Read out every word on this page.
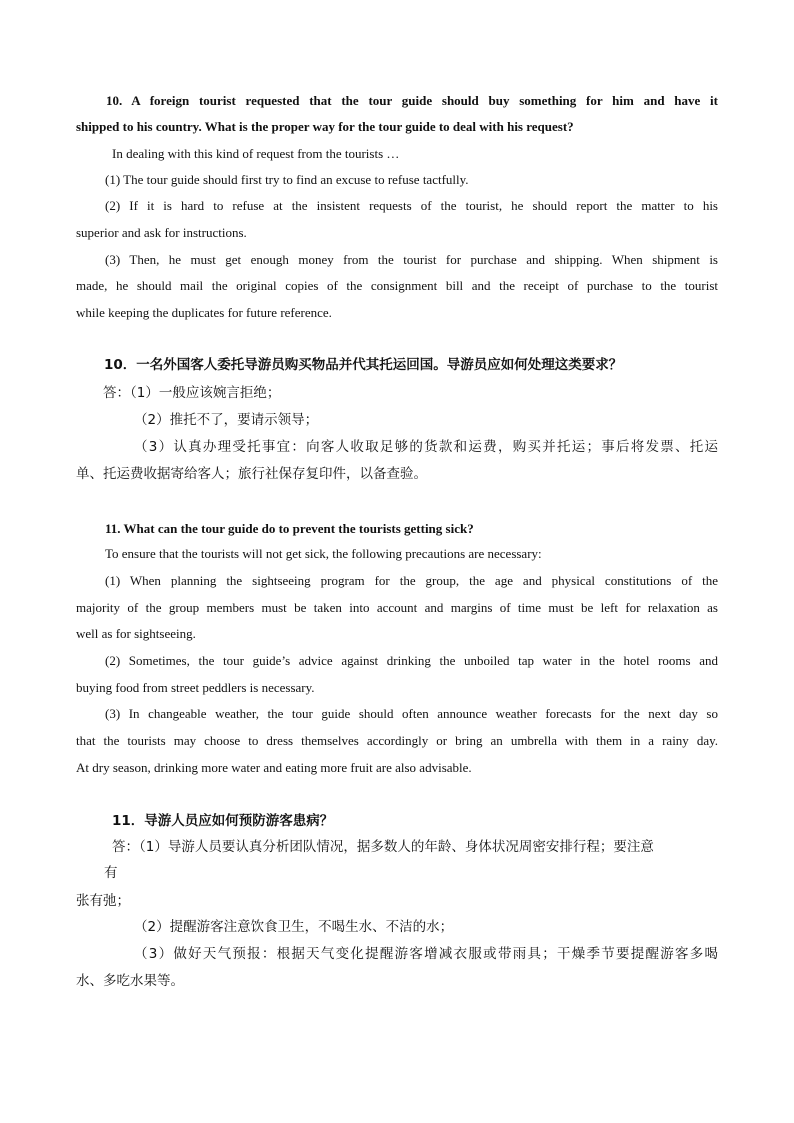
10. A foreign tourist requested that the tour guide should buy something for him and have it
shipped to his country. What is the proper way for the tour guide to deal with his request?
In dealing with this kind of request from the tourists …
(1) The tour guide should first try to find an excuse to refuse tactfully.
(2) If it is hard to refuse at the insistent requests of the tourist, he should report the matter to his
superior and ask for instructions.
(3) Then, he must get enough money from the tourist for purchase and shipping. When shipment is
made, he should mail the original copies of the consignment bill and the receipt of purchase to the tourist
while keeping the duplicates for future reference.
10．一名外国客人委托导游员购买物品并代其托运回国。导游员应如何处理这类要求？
答：（1）一般应该婉言拒绝；
（2）推托不了，要请示领导；
（3）认真办理受托事宜：向客人收取足够的货款和运费，购买并托运；事后将发票、托运
单、托运费收据寄给客人；旅行社保存复印件，以备查验。
11. What can the tour guide do to prevent the tourists getting sick?
To ensure that the tourists will not get sick, the following precautions are necessary:
(1) When planning the sightseeing program for the group, the age and physical constitutions of the
majority of the group members must be taken into account and margins of time must be left for relaxation as
well as for sightseeing.
(2) Sometimes, the tour guide’s advice against drinking the unboiled tap water in the hotel rooms and
buying food from street peddlers is necessary.
(3) In changeable weather, the tour guide should often announce weather forecasts for the next day so
that the tourists may choose to dress themselves accordingly or bring an umbrella with them in a rainy day.
At dry season, drinking more water and eating more fruit are also advisable.
11．导游人员应如何预防游客患病？
答：（1）导游人员要认真分析团队情况，据多数人的年龄、身体状况周密安排行程；要注意
有
张有弛；
（2）提醒游客注意饮食卫生，不喝生水、不洁的水；
（3）做好天气预报：根据天气变化提醒游客增减衣服或带雨具；干燥季节要提醒游客多喝
水、多吃水果等。
